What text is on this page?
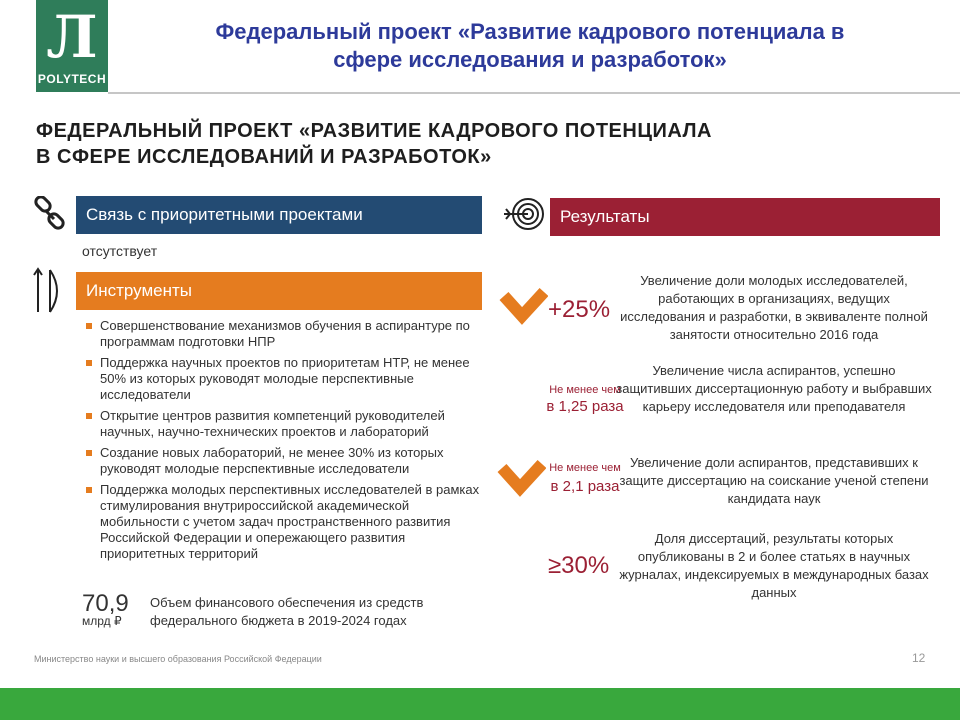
Л
POLYTECH
Федеральный проект «Развитие кадрового потенциала в
сфере исследования и разработок»
ФЕДЕРАЛЬНЫЙ ПРОЕКТ «РАЗВИТИЕ КАДРОВОГО ПОТЕНЦИАЛА
В СФЕРЕ ИССЛЕДОВАНИЙ И РАЗРАБОТОК»
Связь с приоритетными проектами
отсутствует
Инструменты
Совершенствование механизмов обучения в аспирантуре по программам подготовки НПР
Поддержка научных проектов по приоритетам НТР, не менее 50% из которых руководят молодые перспективные исследователи
Открытие центров развития компетенций руководителей научных, научно-технических проектов и лабораторий
Создание новых лабораторий, не менее 30% из которых руководят молодые перспективные исследователи
Поддержка молодых перспективных исследователей в рамках стимулирования внутрироссийской академической мобильности с учетом задач пространственного развития Российской Федерации и опережающего развития приоритетных территорий
70,9
млрд ₽
Объем финансового обеспечения из средств федерального бюджета в 2019-2024 годах
Результаты
+25%
Увеличение доли молодых исследователей, работающих в организациях, ведущих исследования и разработки, в эквиваленте полной занятости относительно 2016 года
Не менее чем
в 1,25 раза
Увеличение числа аспирантов, успешно защитивших диссертационную работу и выбравших карьеру исследователя или преподавателя
Не менее чем
в 2,1 раза
Увеличение доли аспирантов, представивших к защите диссертацию на соискание ученой степени кандидата наук
≥30%
Доля диссертаций, результаты которых опубликованы в 2 и более статьях в научных журналах, индексируемых в международных базах данных
Министерство науки и высшего образования Российской Федерации	12
